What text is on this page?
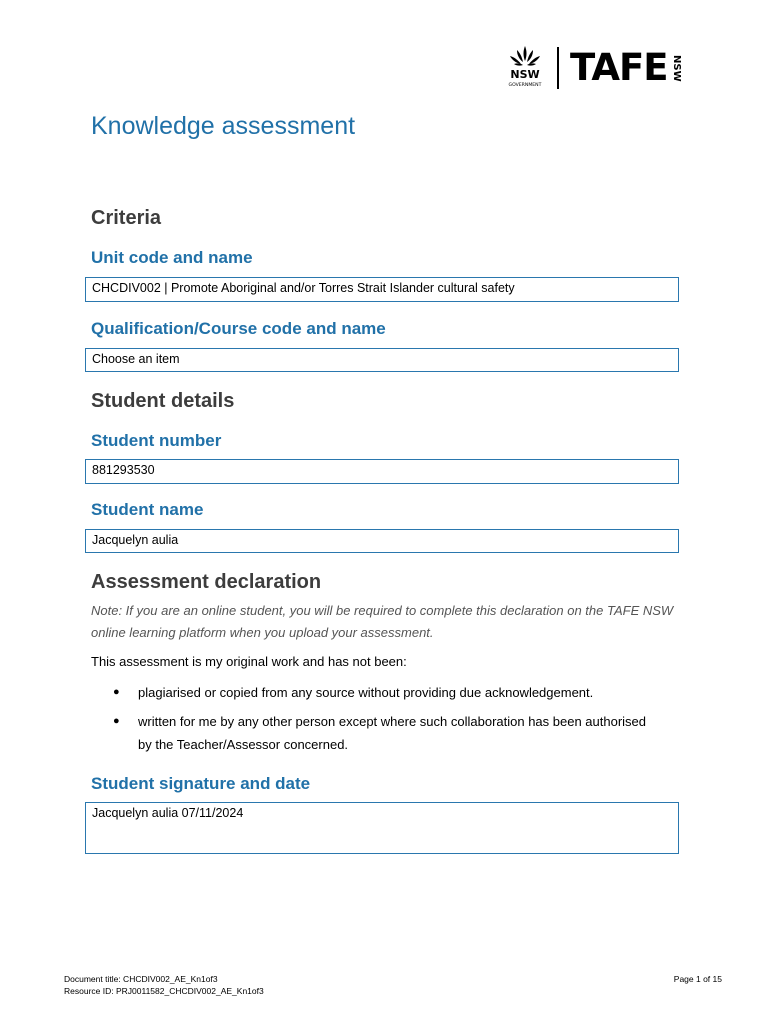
NSW
GOVERNMENT TAFE NSW
Knowledge assessment
Criteria
Unit code and name
CHCDIV002 | Promote Aboriginal and/or Torres Strait Islander cultural safety
Qualification/Course code and name
Choose an item
Student details
Student number
881293530
Student name
Jacquelyn aulia
Assessment declaration

Note: If you are an online student, you will be required to complete this declaration on the TAFE NSW online learning platform when you upload your assessment.

This assessment is my original work and has not been:

● plagiarised or copied from any source without providing due acknowledgement.
● written for me by any other person except where such collaboration has been authorised by the Teacher/Assessor concerned.
Student signature and date
Jacquelyn aulia 07/11/2024
Document title: CHCDIV002_AE_Kn1of3
Resource ID: PRJ0011582_CHCDIV002_AE_Kn1of3
Page 1 of 15
